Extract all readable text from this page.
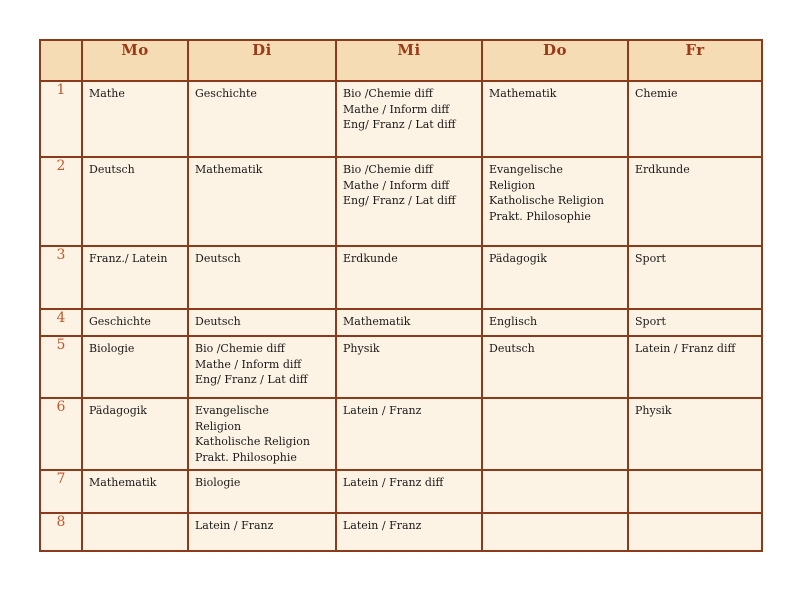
	Mo	Di	Mi	Do	Fr
1	Mathe	Geschichte	Bio /Chemie diff
Mathe / Inform diff
Eng/ Franz / Lat diff	Mathematik	Chemie

2	Deutsch	Mathematik	Bio /Chemie diff
Mathe / Inform diff
Eng/ Franz / Lat diff	Evangelische
Religion
Katholische Religion
Prakt. Philosophie	Erdkunde

3	Franz./ Latein	Deutsch	Erdkunde	Pädagogik	Sport

4	Geschichte	Deutsch	Mathematik	Englisch	Sport

5	Biologie	Bio /Chemie diff
Mathe / Inform diff
Eng/ Franz / Lat diff	Physik	Deutsch	Latein / Franz diff

6	Pädagogik	Evangelische
Religion
Katholische Religion
Prakt. Philosophie	Latein / Franz		Physik

7	Mathematik	Biologie	Latein / Franz diff		

8		Latein / Franz	Latein / Franz		
